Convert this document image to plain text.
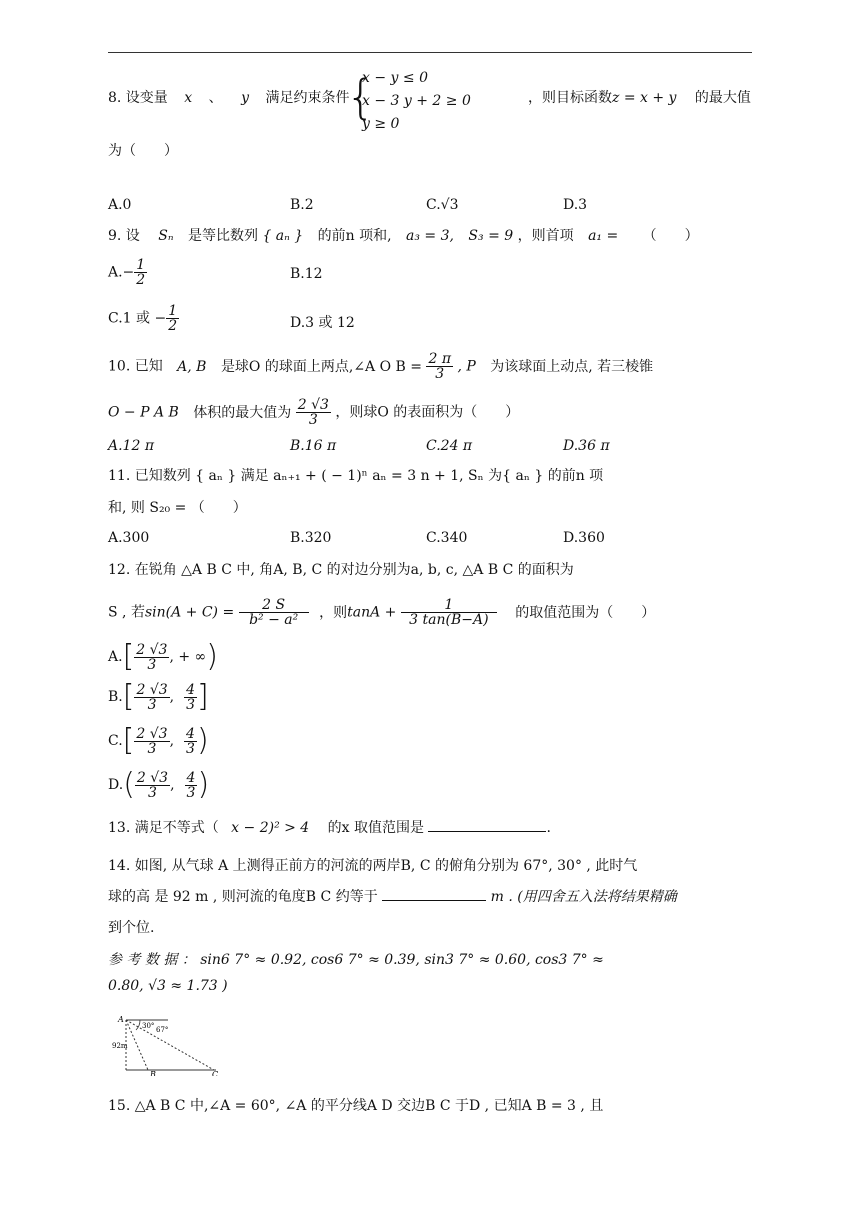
8. 设变量 x 、 y 满足约束条件
{
x − y ≤ 0
x − 3 y + 2 ≥ 0
y ≥ 0
，则目标函数z = x + y 的最大值
为（　　）
A.0	B.2	C.√3	D.3
9. 设 Sₙ 是等比数列 { aₙ } 的前n 项和, a₃ = 3, S₃ = 9 ，则首项 a₁ = （　　）
$A.- \frac{1}{2}$	B.12
C.1 或 − $\frac{1}{2}$	D.3 或 12
10. 已知 A, B 是球O 的球面上两点,∠A O $B = \frac{2 \pi}{3}$ , P 为该球面上动点, 若三棱锥
O − P A B 体积的最大值为 $\frac{2 √3}{3}$ ，则球O 的表面积为（　　）
A.12 π	B.16 π	C.24 π	D.36 π
11. 已知数列 { aₙ } 满足 aₙ₊₁ + ( − 1)ⁿ aₙ = 3 n + 1, Sₙ 为{ aₙ } 的前n 项
和, 则 S₂₀ = （　　）
A.300	B.320	C.340	D.360
12. 在锐角 △A B C 中, 角A, B, C 的对边分别为a, b, c, △A B C 的面积为
S , 若$\sin(A + C) = \frac{2 S}{\text{b² − a²}}$ ，则$\tan A + \frac{1}{3 \tan(B-A)}$ 的取值范围为（　　）
$A.[ \frac{2 √3}{3}$ , + ∞)
$B.[ \frac{2 √3}{3}$ , $\frac{4}{3}$ ]
$C.[ \frac{2 √3}{3}$ , $\frac{4}{3}$ )
$D.( \frac{2 √3}{3}$ , $\frac{4}{3}$ )
13. 满足不等式（ x − 2)² > 4 的x 取值范围是	.
14. 如图, 从气球 A 上测得正前方的河流的两岸B, C 的俯角分别为 67°, 30° , 此时气
球的高 是 92 m , 则河流的龟度B C 约等于	m . (用四舍五入法将结果精确
到个位.
参 考 数 据 ： sin6 7° ≈ 0.92, cos6 7° ≈ 0.39, sin3 7° ≈ 0.60, cos3 7° ≈
0.80, √3 ≈ 1.73 )
A
B	C
92m
30° 67°
15. △A B C 中,∠A = 60°, ∠A 的平分线A D 交边B C 于D , 已知A B = 3 , 且
